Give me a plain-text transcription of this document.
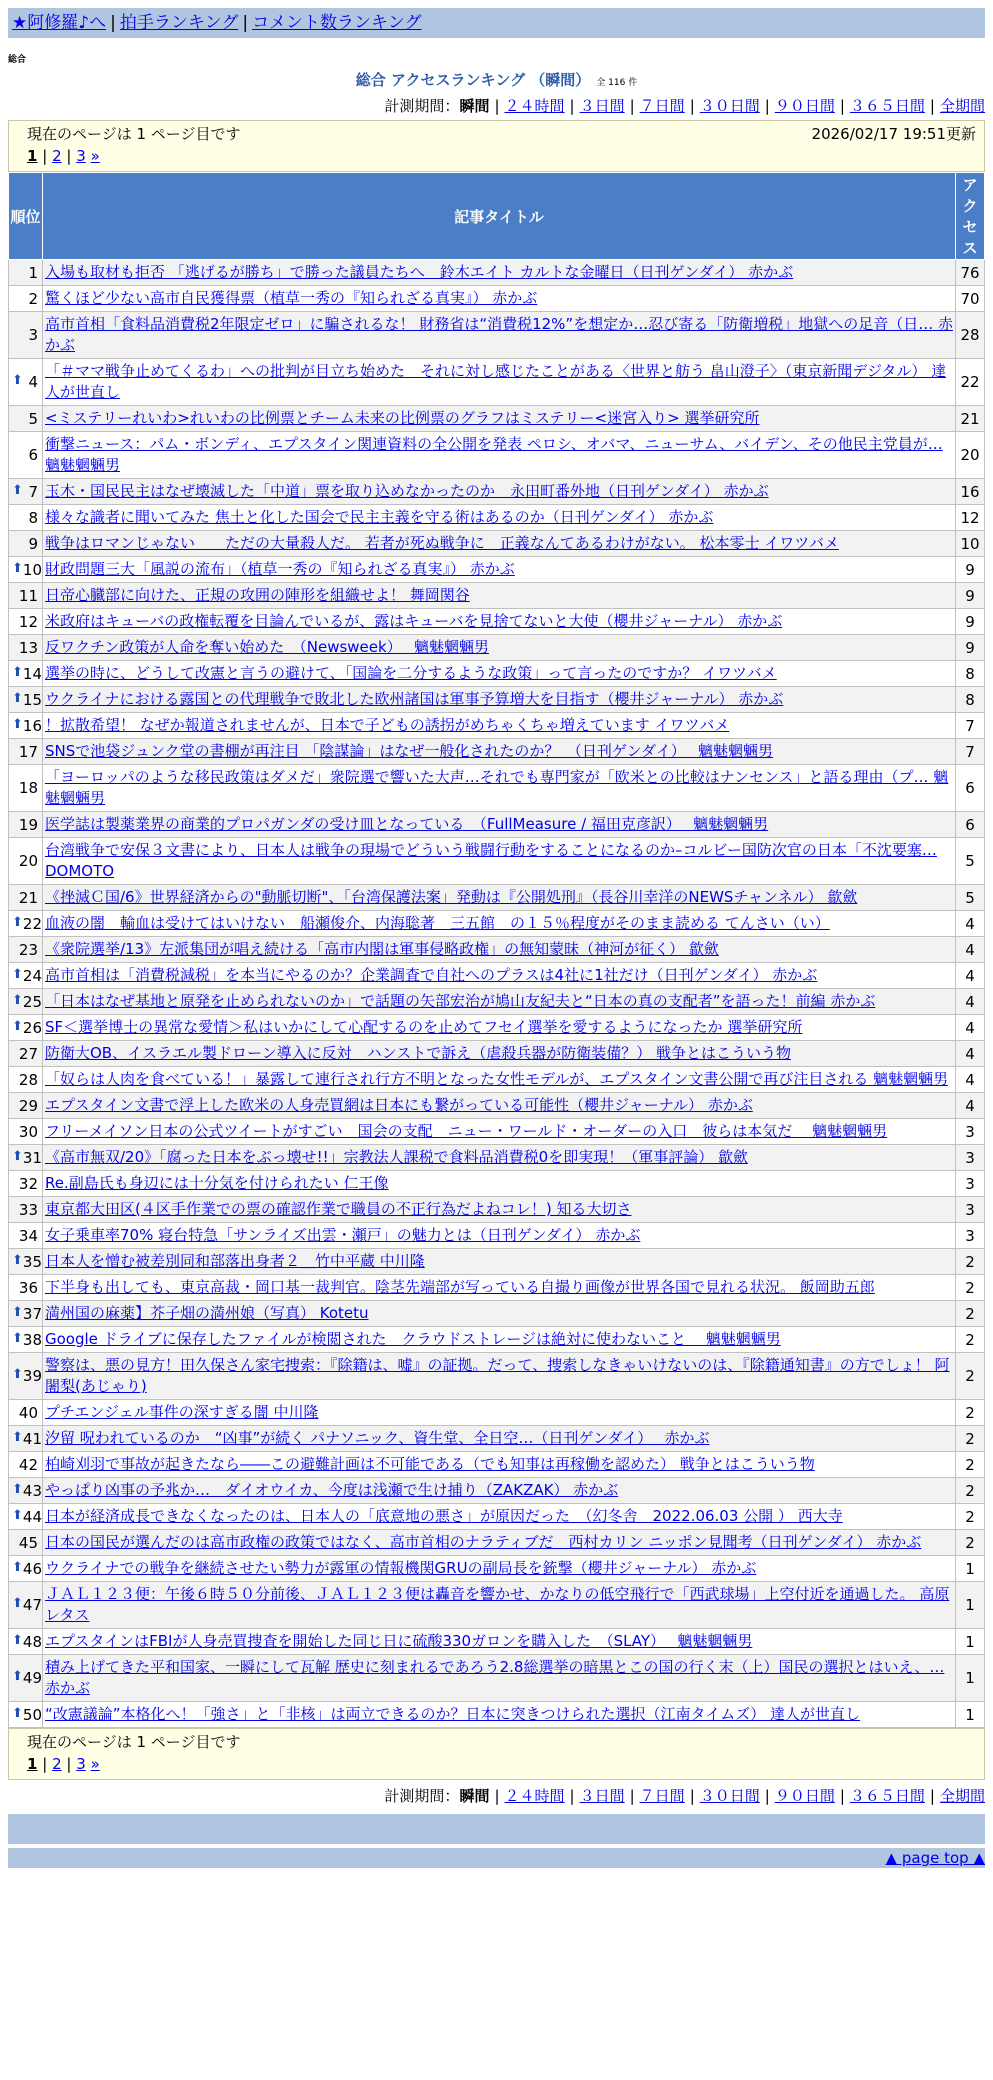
★阿修羅♪へ | 拍手ランキング | コメント数ランキング
総合
総合 アクセスランキング （瞬間） 全 116 件
計測期間：瞬間 | ２４時間 | ３日間 | ７日間 | ３０日間 | ９０日間 | ３６５日間 | 全期間
現在のページは 1 ページ目です	2026/02/17 19:51更新
1 | 2 | 3 »
順位	記事タイトル	アクセス
1	入場も取材も拒否 「逃げるが勝ち」で勝った議員たちへ　鈴木エイト カルトな金曜日（日刊ゲンダイ） 赤かぶ	76
2	驚くほど少ない高市自民獲得票（植草一秀の『知られざる真実』） 赤かぶ	70
3	高市首相「食料品消費税2年限定ゼロ」に騙されるな！ 財務省は“消費税12%”を想定か…忍び寄る「防衛増税」地獄への足音（日… 赤かぶ	28

⬆ 4	「＃ママ戦争止めてくるわ」への批判が目立ち始めた　それに対し感じたことがある〈世界と舫う 畠山澄子〉（東京新聞デジタル） 達人が世直し	22
5	<ミステリーれいわ>れいわの比例票とチーム未来の比例票のグラフはミステリー<迷宮入り> 選挙研究所	21
6	衝撃ニュース：パム・ボンディ、エプスタイン関連資料の全公開を発表 ペロシ、オバマ、ニューサム、バイデン、その他民主党員が… 魑魅魍魎男	20

⬆ 7	玉木・国民民主はなぜ壊滅した「中道」票を取り込めなかったのか　永田町番外地（日刊ゲンダイ） 赤かぶ	16
8	様々な識者に聞いてみた 焦土と化した国会で民主主義を守る術はあるのか（日刊ゲンダイ） 赤かぶ	12
9	戦争はロマンじゃない　　ただの大量殺人だ。 若者が死ぬ戦争に　正義なんてあるわけがない。 松本零士 イワツバメ	10

⬆ 10	財政問題三大「風説の流布」（植草一秀の『知られざる真実』） 赤かぶ	9
11	日帝心臓部に向けた、正規の攻囲の陣形を組織せよ！ 舞岡関谷	9
12	米政府はキューバの政権転覆を目論んでいるが、露はキューバを見捨てないと大使（櫻井ジャーナル） 赤かぶ	9
13	反ワクチン政策が人命を奪い始めた　（Newsweek）　 魑魅魍魎男	9

⬆ 14	選挙の時に、どうして改憲と言うの避けて、「国論を二分するような政策」って言ったのですか？ イワツバメ	8

⬆ 15	ウクライナにおける露国との代理戦争で敗北した欧州諸国は軍事予算増大を目指す（櫻井ジャーナル） 赤かぶ	8

⬆ 16	！拡散希望！ なぜか報道されませんが、日本で子どもの誘拐がめちゃくちゃ増えています イワツバメ	7
17	SNSで池袋ジュンク堂の書棚が再注目 「陰謀論」はなぜ一般化されたのか？　（日刊ゲンダイ）　 魑魅魍魎男	7
18	「ヨーロッパのような移民政策はダメだ」衆院選で響いた大声…それでも専門家が「欧米との比較はナンセンス」と語る理由（プ… 魑魅魍魎男	6
19	医学誌は製薬業界の商業的プロパガンダの受け皿となっている　（FullMeasure / 福田克彦訳）　 魑魅魍魎男	6
20	台湾戦争で安保３文書により、日本人は戦争の現場でどういう戦闘行動をすることになるのか–コルビー国防次官の日本「不沈要塞… DOMOTO	5
21	《挫滅Ｃ国/6》世界経済からの"動脈切断"、「台湾保護法案」発動は『公開処刑』（長谷川幸洋のNEWSチャンネル） 歙歛	5

⬆ 22	血液の闇　輸血は受けてはいけない　船瀬俊介、内海聡著　三五館　の１５％程度がそのまま読める てんさい（い）	4
23	《衆院選挙/13》左派集団が唱え続ける「高市内閣は軍事侵略政権」の無知蒙昧（神河が征く） 歙歛	4

⬆ 24	高市首相は「消費税減税」を本当にやるのか？企業調査で自社へのプラスは4社に1社だけ（日刊ゲンダイ） 赤かぶ	4

⬆ 25	「日本はなぜ基地と原発を止められないのか」で話題の矢部宏治が鳩山友紀夫と“日本の真の支配者”を語った！前編 赤かぶ	4

⬆ 26	SF＜選挙博士の異常な愛情＞私はいかにして心配するのを止めてフセイ選挙を愛するようになったか 選挙研究所	4
27	防衛大OB、イスラエル製ドローン導入に反対　ハンストで訴え（虐殺兵器が防衛装備？） 戦争とはこういう物	4
28	「奴らは人肉を食べている！」暴露して連行され行方不明となった女性モデルが、エプスタイン文書公開で再び注目される 魑魅魍魎男	4
29	エプスタイン文書で浮上した欧米の人身売買網は日本にも繋がっている可能性（櫻井ジャーナル） 赤かぶ	4
30	フリーメイソン日本の公式ツイートがすごい　国会の支配　ニュー・ワールド・オーダーの入口　彼らは本気だ　 魑魅魍魎男	3

⬆ 31	《高市無双/20》「腐った日本をぶっ壊せ!!」宗教法人課税で食料品消費税0を即実現！（軍事評論） 歙歛	3
32	Re.副島氏も身辺には十分気を付けられたい 仁王像	3
33	東京都大田区(４区手作業での票の確認作業で職員の不正行為だよねコレ！) 知る大切さ	3
34	女子乗車率70% 寝台特急「サンライズ出雲・瀬戸」の魅力とは（日刊ゲンダイ） 赤かぶ	3

⬆ 35	日本人を憎む被差別同和部落出身者２＿竹中平蔵 中川隆	2
36	下半身も出しても、東京高裁・岡口基一裁判官。陰茎先端部が写っている自撮り画像が世界各国で見れる状況。 飯岡助五郎	2

⬆ 37	満州国の麻薬】芥子畑の満州娘（写真） Kotetu	2

⬆ 38	Google ドライブに保存したファイルが検閲された　クラウドストレージは絶対に使わないこと　 魑魅魍魎男	2

⬆ 39	警察は、悪の見方！田久保さん家宅捜索：『除籍は、嘘』の証拠。だって、捜索しなきゃいけないのは、『除籍通知書』の方でしょ！ 阿闍梨(あじゃり)	2
40	プチエンジェル事件の深すぎる闇 中川隆	2

⬆ 41	汐留 呪われているのか　“凶事”が続く パナソニック、資生堂、全日空…（日刊ゲンダイ）　 赤かぶ	2
42	柏崎刈羽で事故が起きたなら――この避難計画は不可能である（でも知事は再稼働を認めた） 戦争とはこういう物	2

⬆ 43	やっぱり凶事の予兆か…　ダイオウイカ、今度は浅瀬で生け捕り（ZAKZAK） 赤かぶ	2

⬆ 44	日本が経済成長できなくなったのは、日本人の「底意地の悪さ」が原因だった　（幻冬舎　2022.06.03 公開 ） 西大寺	2
45	日本の国民が選んだのは高市政権の政策ではなく、高市首相のナラティブだ　西村カリン ニッポン見聞考（日刊ゲンダイ） 赤かぶ	2

⬆ 46	ウクライナでの戦争を継続させたい勢力が露軍の情報機関GRUの副局長を銃撃（櫻井ジャーナル） 赤かぶ	1

⬆ 47	ＪＡＬ１２３便：午後６時５０分前後、ＪＡＬ１２３便は轟音を響かせ、かなりの低空飛行で「西武球場」上空付近を通過した。 高原レタス	1

⬆ 48	エプスタインはFBIが人身売買捜査を開始した同じ日に硫酸330ガロンを購入した　（SLAY）　 魑魅魍魎男	1

⬆ 49	積み上げてきた平和国家、一瞬にして瓦解 歴史に刻まれるであろう2.8総選挙の暗黒とこの国の行く末（上）国民の選択とはいえ、… 赤かぶ	1

⬆ 50	“改憲議論”本格化へ！「強さ」と「非核」は両立できるのか？日本に突きつけられた選択（江南タイムズ） 達人が世直し	1
現在のページは 1 ページ目です
1 | 2 | 3 »
計測期間：瞬間 | ２４時間 | ３日間 | ７日間 | ３０日間 | ９０日間 | ３６５日間 | 全期間
▲ page top ▲
